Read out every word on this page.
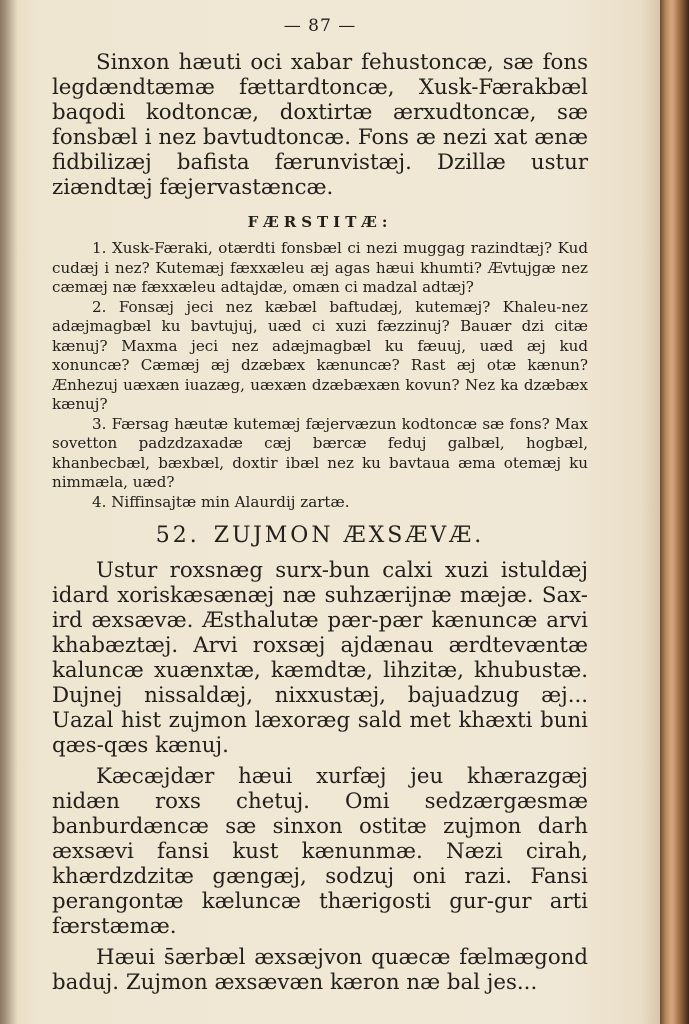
— 87 —

Sinxon hæuti oci xabar fehustoncæ, sæ fons legdændtæmæ fættardtoncæ, Xusk-Færakbæl baqodi kodtoncæ, doxtirtæ ærxudtoncæ, sæ fonsbæl i nez bavtudtoncæ. Fons æ nezi xat ænæ fidbilizæj bafista færunvistæj. Dzillæ ustur ziændtæj fæjervastæncæ.

FÆRSTITÆ:

1. Xusk-Færaki, otærdti fonsbæl ci nezi muggag razindtæj? Kud cudæj i nez? Kutemæj fæxxæleu æj agas hæui khumti? Ævtujgæ nez cæmæj næ fæxxæleu adtajdæ, omæn ci madzal adtæj?

2. Fonsæj jeci nez kæbæl baftudæj, kutemæj? Khaleu-nez adæjmagbæl ku bavtujuj, uæd ci xuzi fæzzinuj? Bauær dzi citæ kænuj? Maxma jeci nez adæjmagbæl ku fæuuj, uæd æj kud xonuncæ? Cæmæj æj dzæbæx kænuncæ? Rast æj otæ kænun? Ænhezuj uæxæn iuazæg, uæxæn dzæbæxæn kovun? Nez ka dzæbæx kænuj?

3. Færsag hæutæ kutemæj fæjervæzun kodtoncæ sæ fons? Max sovetton padzdzaxadæ cæj bærcæ feduj galbæl, hogbæl, khanbecbæl, bæxbæl, doxtir ibæl nez ku bavtaua æma otemæj ku nimmæla, uæd?

4. Niffinsajtæ min Alaurdij zartæ.

52. ZUJMON ÆXSÆVÆ.

Ustur roxsnæg surx-bun calxi xuzi istuldæj idard xoriskæsænæj næ suhzærijnæ mæjæ. Sax-ird æxsævæ. Æsthalutæ pær-pær kænuncæ arvi khabæztæj. Arvi roxsæj ajdænau ærdtevæntæ kaluncæ xuænxtæ, kæmdtæ, lihzitæ, khubustæ. Dujnej nissaldæj, nixxustæj, bajuadzug æj... Uazal hist zujmon læxoræg sald met khæxti buni qæs-qæs kænuj.

Kæcæjdær hæui xurfæj jeu khærazgæj nidæn roxs chetuj. Omi sedzærgæsmæ banburdæncæ sæ sinxon ostitæ zujmon darh æxsævi fansi kust kænunmæ. Næzi cirah, khærdzdzitæ gængæj, sodzuj oni razi. Fansi perangontæ kæluncæ thærigosti gur-gur arti færstæmæ.

Hæui s̄ærbæl æxsæjvon quæcæ fælmægond baduj. Zujmon æxsævæn kæron næ bal jes...
